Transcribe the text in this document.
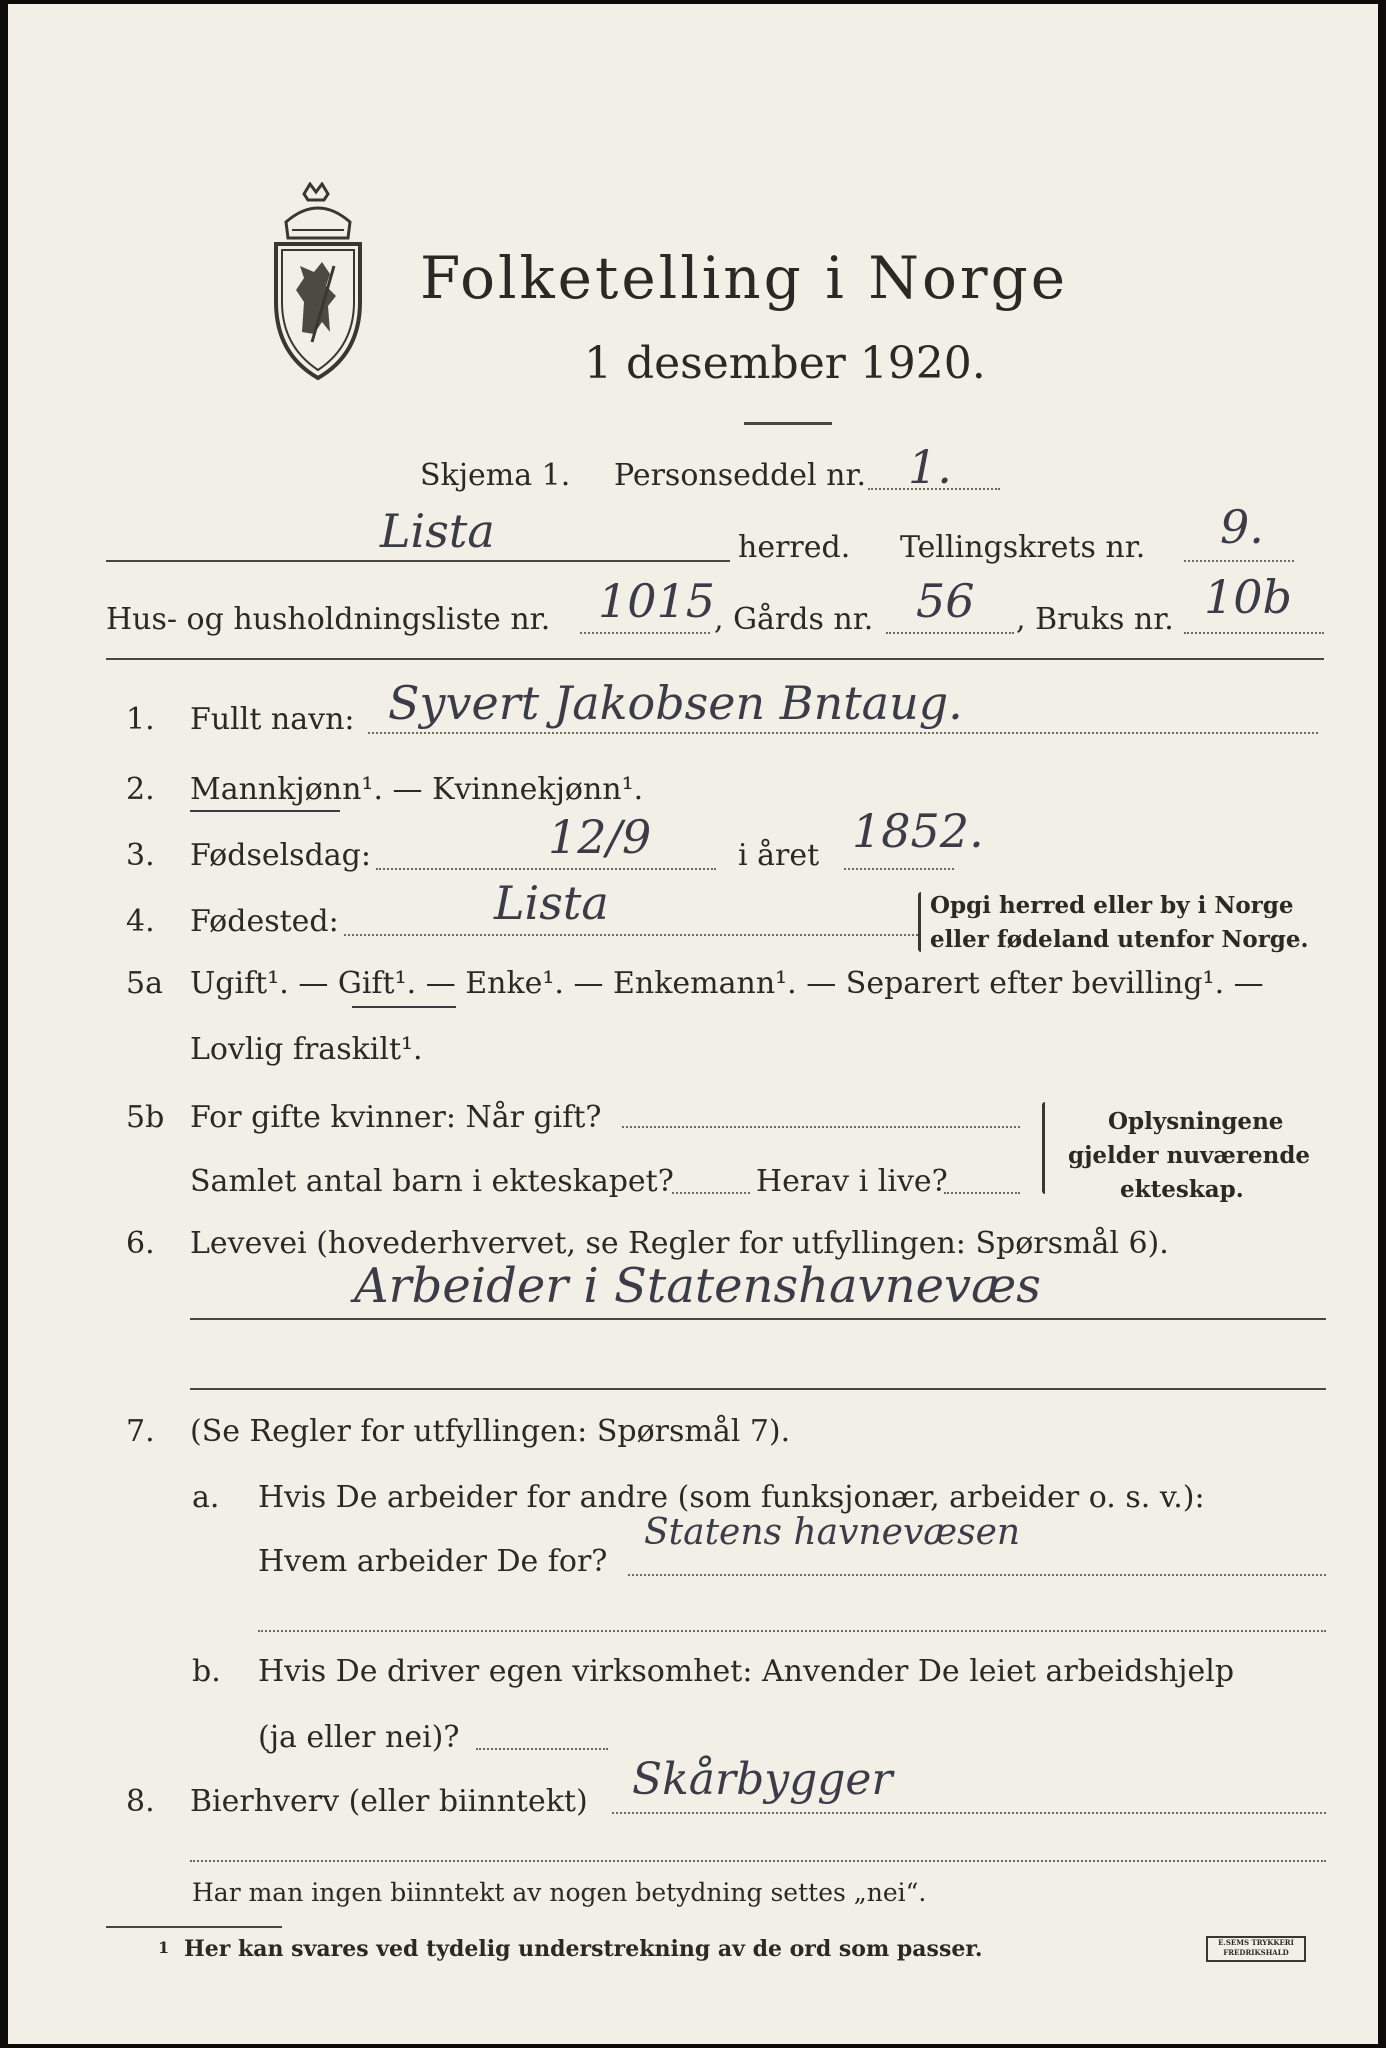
Folketelling i Norge
1 desember 1920.
Skjema 1. Personseddel nr. 1.
Lista	herred. Tellingskrets nr. 9.
Hus- og husholdningsliste nr. 1015
, Gårds nr. 56 , Bruks nr. 10b
1. Fullt navn: Syvert Jakobsen Bntaug.
2. Mannkjønn¹. — Kvinnekjønn¹.
3. Fødselsdag:	12/9	i året 1852.
4. Fødested:	Lista	Opgi herred eller by i Norge
eller fødeland utenfor Norge.
5a Ugift¹. — Gift¹. — Enke¹. — Enkemann¹. — Separert efter bevilling¹. —
Lovlig fraskilt¹.
5b For gifte kvinner: Når gift?
Samlet antal barn i ekteskapet?	Herav i live?
Oplysningene
gjelder nuværende
ekteskap.
6. Levevei (hovederhvervet, se Regler for utfyllingen: Spørsmål 6).
Arbeider i Statenshavnevæs
7. (Se Regler for utfyllingen: Spørsmål 7).
a. Hvis De arbeider for andre (som funksjonær, arbeider o. s. v.):
Hvem arbeider De for?
Statens havnevæsen
b. Hvis De driver egen virksomhet: Anvender De leiet arbeidshjelp
(ja eller nei)?
8. Bierhverv (eller biinntekt) Skårbygger
Har man ingen biinntekt av nogen betydning settes „nei“.
1 Her kan svares ved tydelig understrekning av de ord som passer.	E.SEMS TRYKKERI FREDRIKSHALD
